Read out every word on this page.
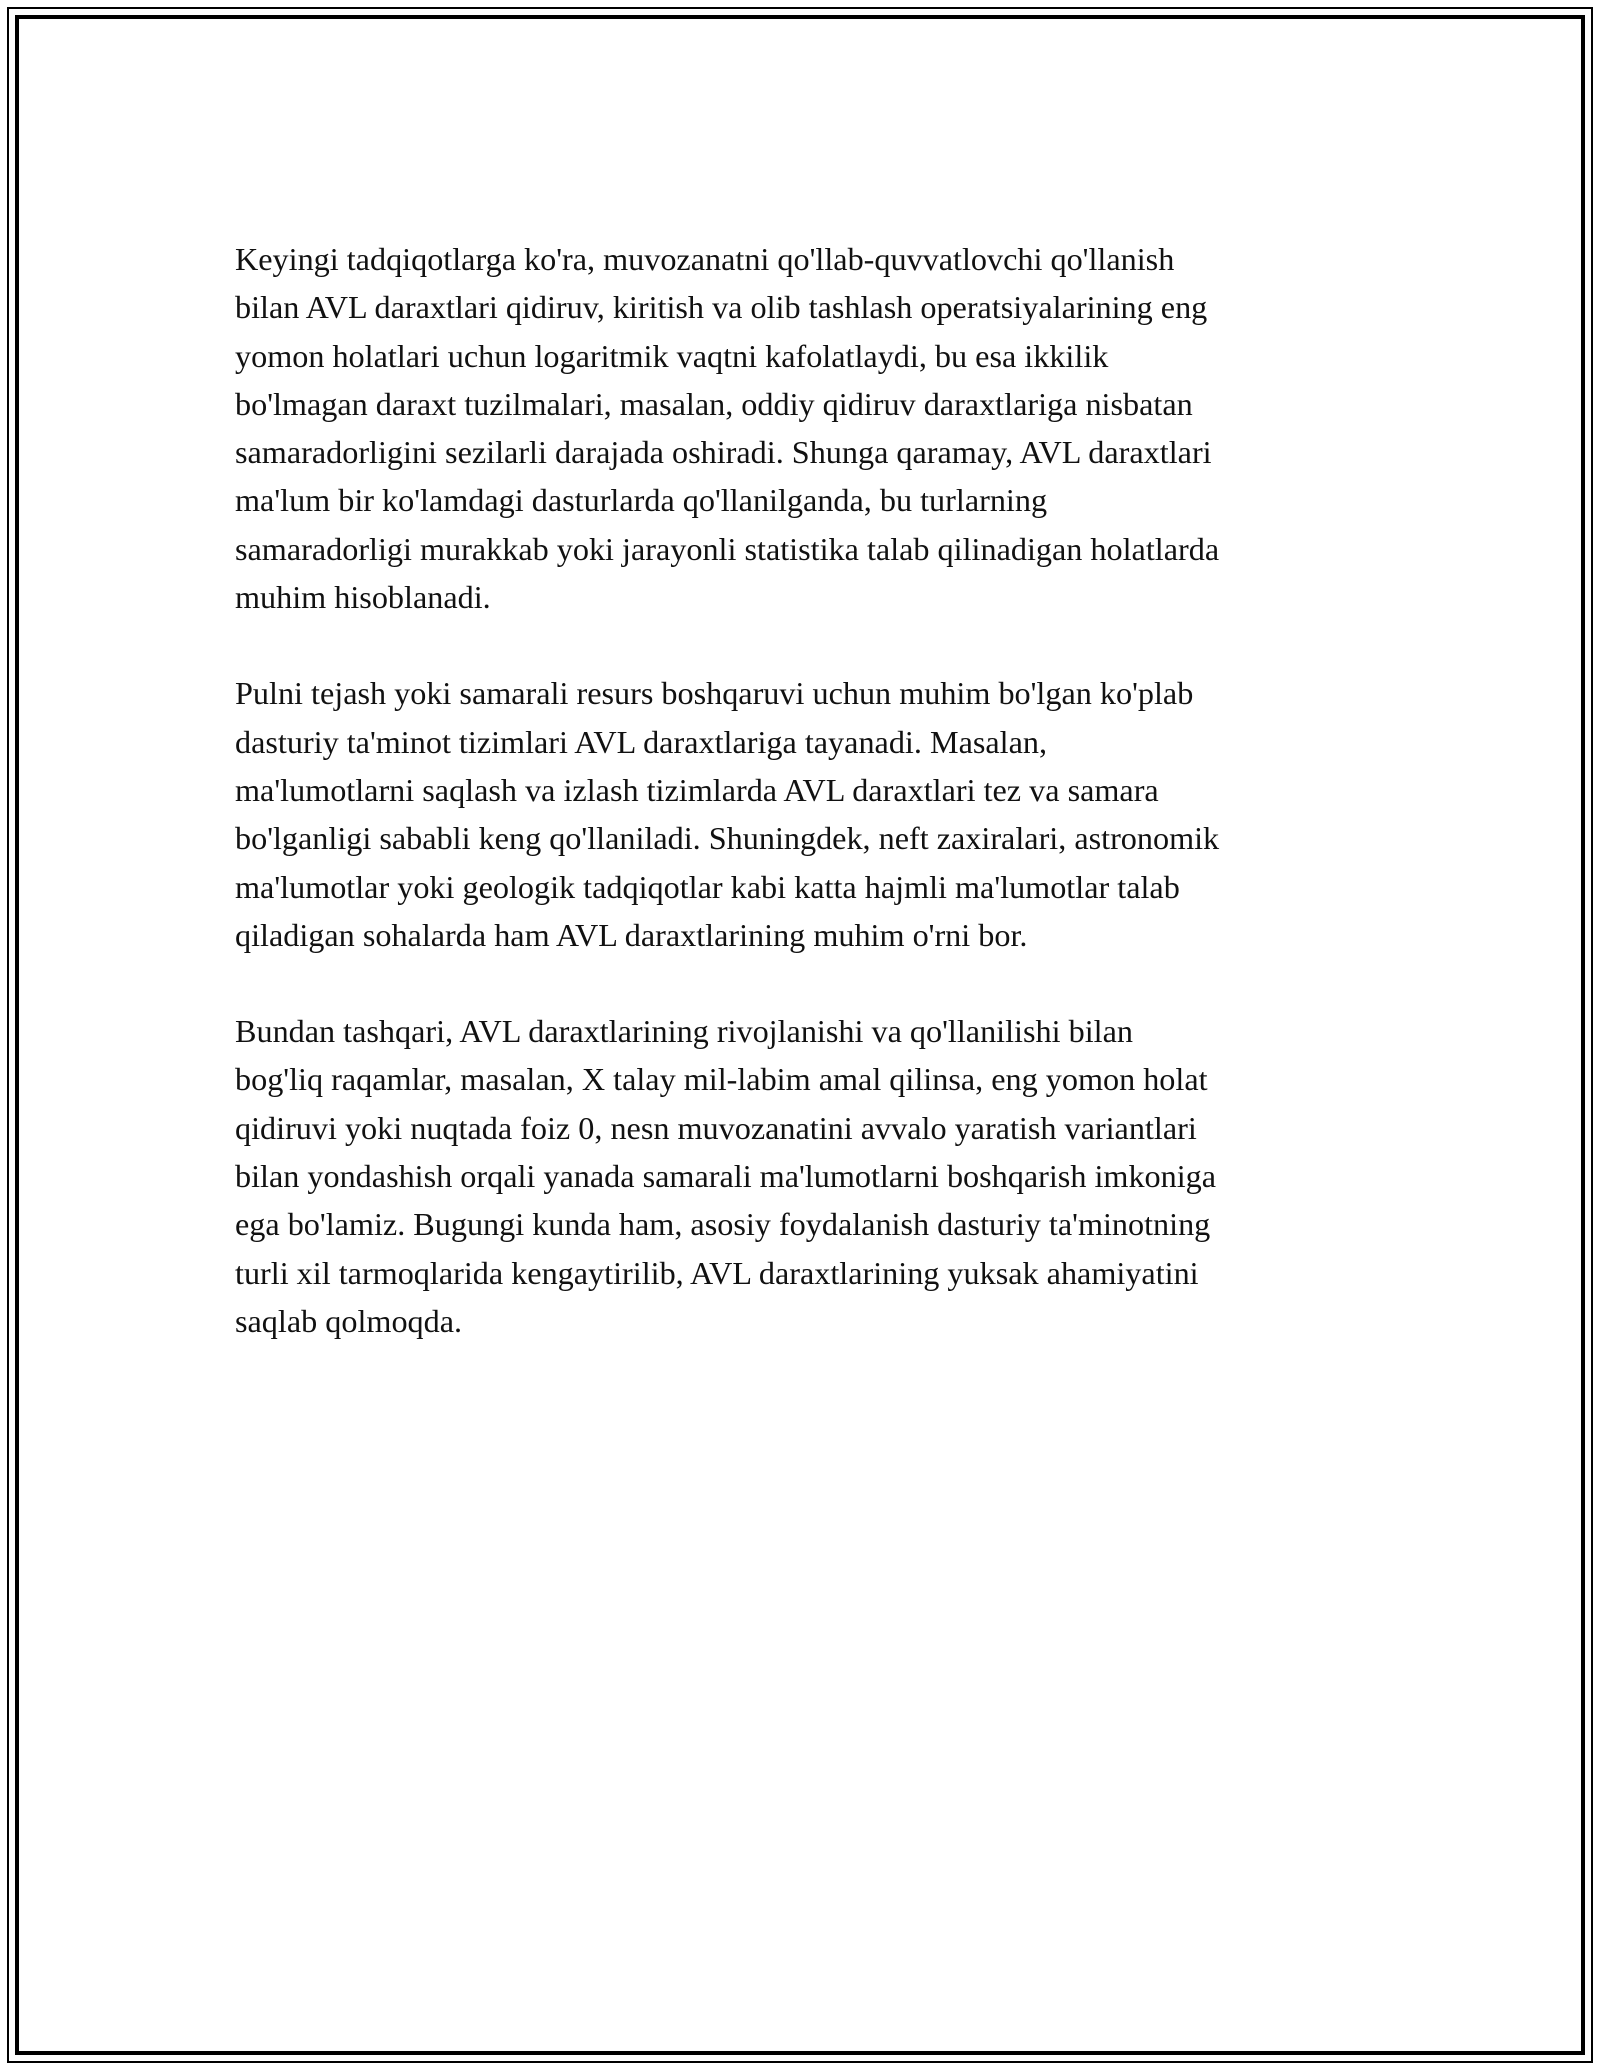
Keyingi tadqiqotlarga ko'ra, muvozanatni qo'llab-quvvatlovchi qo'llanish
bilan AVL daraxtlari qidiruv, kiritish va olib tashlash operatsiyalarining eng
yomon holatlari uchun logaritmik vaqtni kafolatlaydi, bu esa ikkilik
bo'lmagan daraxt tuzilmalari, masalan, oddiy qidiruv daraxtlariga nisbatan
samaradorligini sezilarli darajada oshiradi. Shunga qaramay, AVL daraxtlari
ma'lum bir ko'lamdagi dasturlarda qo'llanilganda, bu turlarning
samaradorligi murakkab yoki jarayonli statistika talab qilinadigan holatlarda
muhim hisoblanadi.

Pulni tejash yoki samarali resurs boshqaruvi uchun muhim bo'lgan ko'plab
dasturiy ta'minot tizimlari AVL daraxtlariga tayanadi. Masalan,
ma'lumotlarni saqlash va izlash tizimlarda AVL daraxtlari tez va samara
bo'lganligi sababli keng qo'llaniladi. Shuningdek, neft zaxiralari, astronomik
ma'lumotlar yoki geologik tadqiqotlar kabi katta hajmli ma'lumotlar talab
qiladigan sohalarda ham AVL daraxtlarining muhim o'rni bor.

Bundan tashqari, AVL daraxtlarining rivojlanishi va qo'llanilishi bilan
bog'liq raqamlar, masalan, X talay mil-labim amal qilinsa, eng yomon holat
qidiruvi yoki nuqtada foiz 0, nesn muvozanatini avvalo yaratish variantlari
bilan yondashish orqali yanada samarali ma'lumotlarni boshqarish imkoniga
ega bo'lamiz. Bugungi kunda ham, asosiy foydalanish dasturiy ta'minotning
turli xil tarmoqlarida kengaytirilib, AVL daraxtlarining yuksak ahamiyatini
saqlab qolmoqda.
